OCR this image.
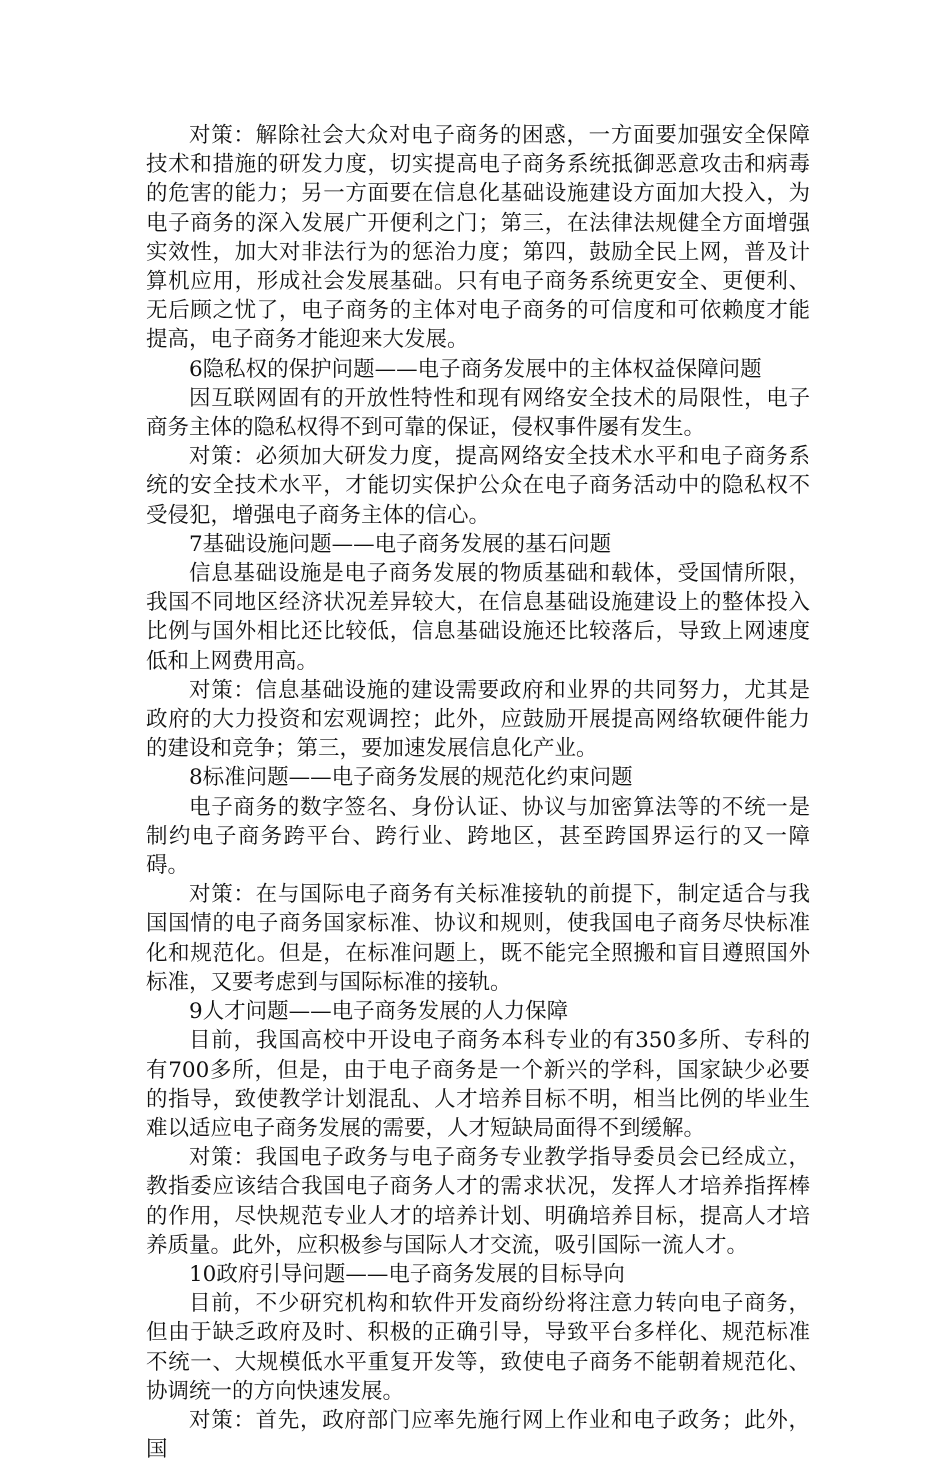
对策：解除社会大众对电子商务的困惑，一方面要加强安全保障技术和措施的研发力度，切实提高电子商务系统抵御恶意攻击和病毒的危害的能力；另一方面要在信息化基础设施建设方面加大投入，为电子商务的深入发展广开便利之门；第三，在法律法规健全方面增强实效性，加大对非法行为的惩治力度；第四，鼓励全民上网，普及计算机应用，形成社会发展基础。只有电子商务系统更安全、更便利、无后顾之忧了，电子商务的主体对电子商务的可信度和可依赖度才能提高，电子商务才能迎来大发展。

6隐私权的保护问题——电子商务发展中的主体权益保障问题

因互联网固有的开放性特性和现有网络安全技术的局限性，电子商务主体的隐私权得不到可靠的保证，侵权事件屡有发生。

对策：必须加大研发力度，提高网络安全技术水平和电子商务系统的安全技术水平，才能切实保护公众在电子商务活动中的隐私权不受侵犯，增强电子商务主体的信心。

7基础设施问题——电子商务发展的基石问题

信息基础设施是电子商务发展的物质基础和载体，受国情所限，我国不同地区经济状况差异较大，在信息基础设施建设上的整体投入比例与国外相比还比较低，信息基础设施还比较落后，导致上网速度低和上网费用高。

对策：信息基础设施的建设需要政府和业界的共同努力，尤其是政府的大力投资和宏观调控；此外，应鼓励开展提高网络软硬件能力的建设和竞争；第三，要加速发展信息化产业。

8标准问题——电子商务发展的规范化约束问题

电子商务的数字签名、身份认证、协议与加密算法等的不统一是制约电子商务跨平台、跨行业、跨地区，甚至跨国界运行的又一障碍。

对策：在与国际电子商务有关标准接轨的前提下，制定适合与我国国情的电子商务国家标准、协议和规则，使我国电子商务尽快标准化和规范化。但是，在标准问题上，既不能完全照搬和盲目遵照国外标准，又要考虑到与国际标准的接轨。

9人才问题——电子商务发展的人力保障

目前，我国高校中开设电子商务本科专业的有350多所、专科的有700多所，但是，由于电子商务是一个新兴的学科，国家缺少必要的指导，致使教学计划混乱、人才培养目标不明，相当比例的毕业生难以适应电子商务发展的需要，人才短缺局面得不到缓解。

对策：我国电子政务与电子商务专业教学指导委员会已经成立，教指委应该结合我国电子商务人才的需求状况，发挥人才培养指挥棒的作用，尽快规范专业人才的培养计划、明确培养目标，提高人才培养质量。此外，应积极参与国际人才交流，吸引国际一流人才。

10政府引导问题——电子商务发展的目标导向

目前，不少研究机构和软件开发商纷纷将注意力转向电子商务，但由于缺乏政府及时、积极的正确引导，导致平台多样化、规范标准不统一、大规模低水平重复开发等，致使电子商务不能朝着规范化、协调统一的方向快速发展。

对策：首先，政府部门应率先施行网上作业和电子政务；此外，国
